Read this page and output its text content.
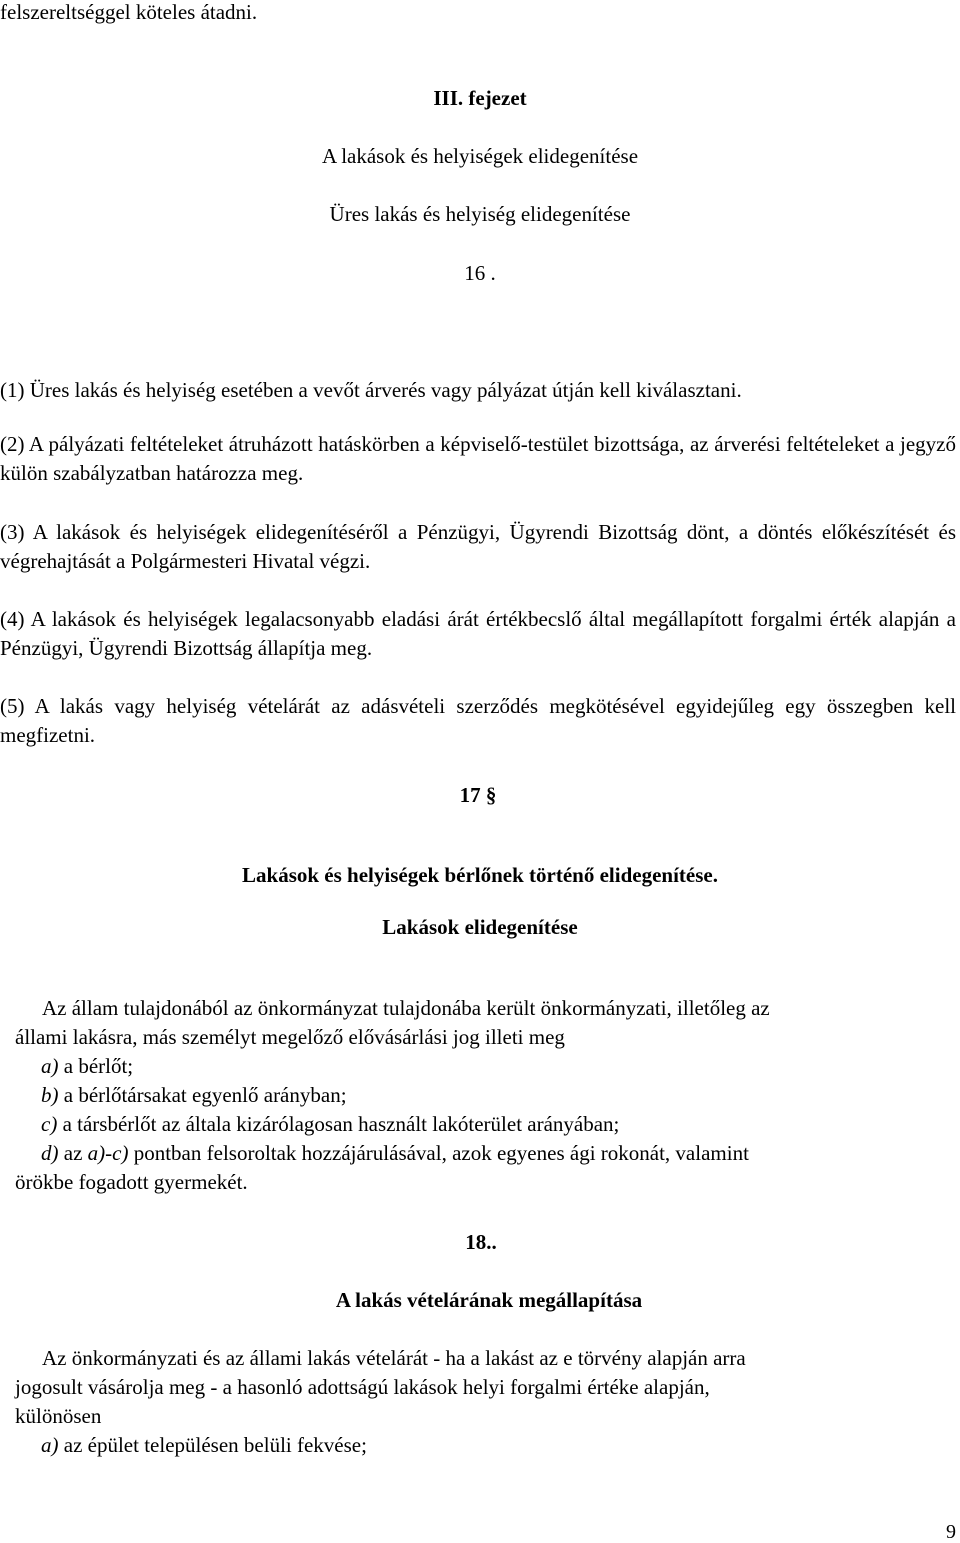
felszereltséggel köteles átadni.
III. fejezet
A lakások és helyiségek elidegenítése
Üres lakás és helyiség elidegenítése
16 .
(1) Üres lakás és helyiség esetében a vevőt árverés vagy pályázat útján kell kiválasztani.
(2) A pályázati feltételeket átruházott hatáskörben a képviselő-testület bizottsága, az árverési feltételeket a jegyző külön szabályzatban határozza meg.
(3) A lakások és helyiségek elidegenítéséről a Pénzügyi, Ügyrendi Bizottság dönt, a döntés előkészítését és végrehajtását a Polgármesteri Hivatal végzi.
(4) A lakások és helyiségek legalacsonyabb eladási árát értékbecslő által megállapított forgalmi érték alapján a Pénzügyi, Ügyrendi Bizottság állapítja meg.
(5) A lakás vagy helyiség vételárát az adásvételi szerződés megkötésével egyidejűleg egy összegben kell megfizetni.
17 §
Lakások és helyiségek bérlőnek történő elidegenítése.
Lakások elidegenítése
Az állam tulajdonából az önkormányzat tulajdonába került önkormányzati, illetőleg az
állami lakásra, más személyt megelőző elővásárlási jog illeti meg
a) a bérlőt;
b) a bérlőtársakat egyenlő arányban;
c) a társbérlőt az általa kizárólagosan használt lakóterület arányában;
d) az a)-c) pontban felsoroltak hozzájárulásával, azok egyenes ági rokonát, valamint
örökbe fogadott gyermekét.
18..
A lakás vételárának megállapítása
Az önkormányzati és az állami lakás vételárát - ha a lakást az e törvény alapján arra
jogosult vásárolja meg - a hasonló adottságú lakások helyi forgalmi értéke alapján,
különösen
a) az épület településen belüli fekvése;
9
